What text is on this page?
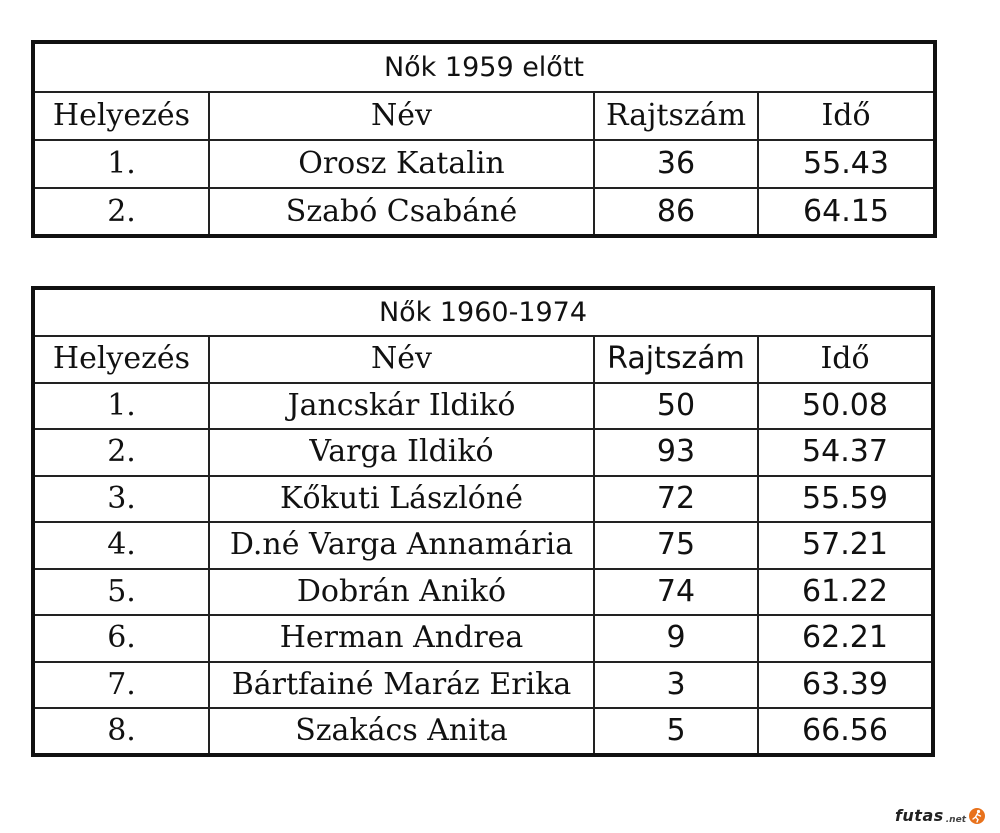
Nők 1959 előtt			
Helyezés	Név	Rajtszám	Idő
1.	Orosz Katalin	36	55.43
2.	Szabó Csabáné	86	64.15
Nők 1960-1974			
Helyezés	Név	Rajtszám	Idő
1.	Jancskár Ildikó	50	50.08
2.	Varga Ildikó	93	54.37
3.	Kőkuti Lászlóné	72	55.59
4.	D.né Varga Annamária	75	57.21
5.	Dobrán Anikó	74	61.22
6.	Herman Andrea	9	62.21
7.	Bártfainé Maráz Erika	3	63.39
8.	Szakács Anita	5	66.56
futas .net
